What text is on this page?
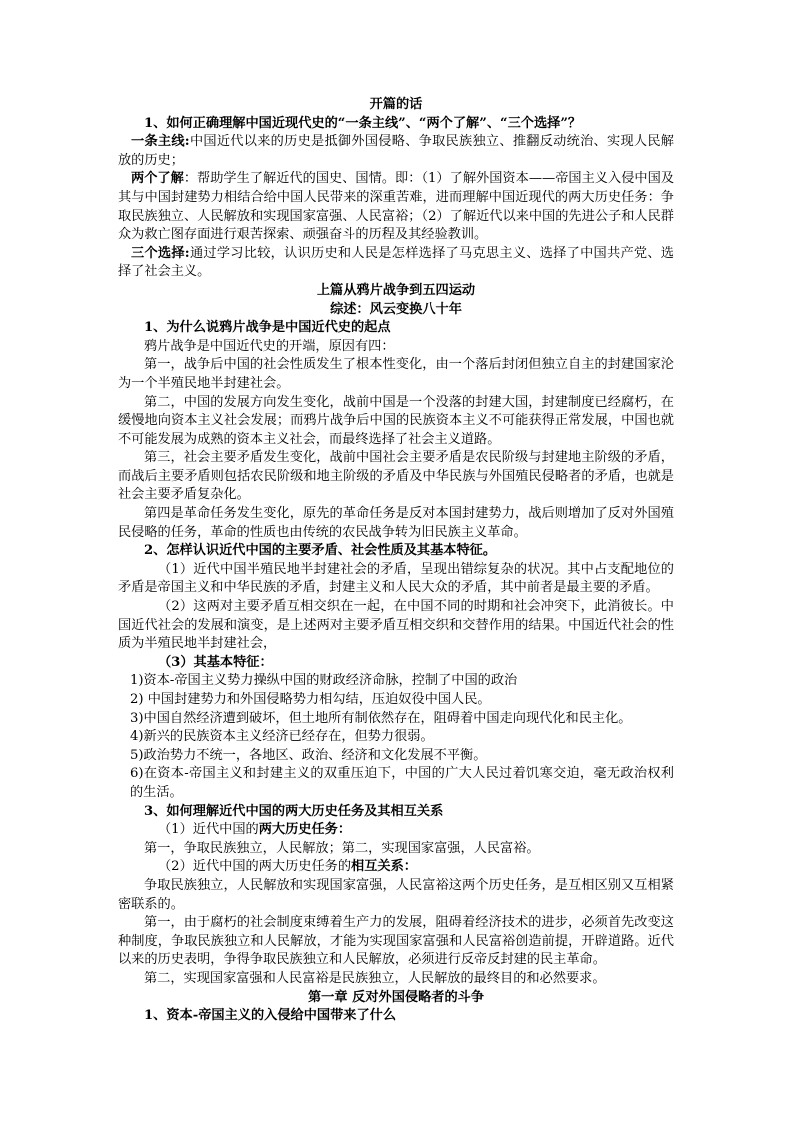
开篇的话

1、如何正确理解中国近现代史的“一条主线”、“两个了解”、“三个选择”？

一条主线:中国近代以来的历史是抵御外国侵略、争取民族独立、推翻反动统治、实现人民解放的历史；

两个了解：帮助学生了解近代的国史、国情。即：（1）了解外国资本——帝国主义入侵中国及其与中国封建势力相结合给中国人民带来的深重苦难，进而理解中国近现代的两大历史任务：争取民族独立、人民解放和实现国家富强、人民富裕；（2）了解近代以来中国的先进公子和人民群众为救亡图存面进行艰苦探索、顽强奋斗的历程及其经验教训。

三个选择:通过学习比较，认识历史和人民是怎样选择了马克思主义、选择了中国共产党、选择了社会主义。

上篇从鸦片战争到五四运动

综述：风云变换八十年

1、为什么说鸦片战争是中国近代史的起点

鸦片战争是中国近代史的开端，原因有四：

第一，战争后中国的社会性质发生了根本性变化，由一个落后封闭但独立自主的封建国家沦为一个半殖民地半封建社会。

第二，中国的发展方向发生变化，战前中国是一个没落的封建大国，封建制度已经腐朽，在缓慢地向资本主义社会发展；而鸦片战争后中国的民族资本主义不可能获得正常发展，中国也就不可能发展为成熟的资本主义社会，而最终选择了社会主义道路。

第三，社会主要矛盾发生变化，战前中国社会主要矛盾是农民阶级与封建地主阶级的矛盾，而战后主要矛盾则包括农民阶级和地主阶级的矛盾及中华民族与外国殖民侵略者的矛盾，也就是社会主要矛盾复杂化。

第四是革命任务发生变化，原先的革命任务是反对本国封建势力，战后则增加了反对外国殖民侵略的任务，革命的性质也由传统的农民战争转为旧民族主义革命。

2、怎样认识近代中国的主要矛盾、社会性质及其基本特征。

（1）近代中国半殖民地半封建社会的矛盾，呈现出错综复杂的状况。其中占支配地位的矛盾是帝国主义和中华民族的矛盾，封建主义和人民大众的矛盾，其中前者是最主要的矛盾。

（2）这两对主要矛盾互相交织在一起，在中国不同的时期和社会冲突下，此消彼长。中国近代社会的发展和演变，是上述两对主要矛盾互相交织和交替作用的结果。中国近代社会的性质为半殖民地半封建社会，

（3）其基本特征：

1)资本-帝国主义势力操纵中国的财政经济命脉，控制了中国的政治

2) 中国封建势力和外国侵略势力相勾结，压迫奴役中国人民。

3)中国自然经济遭到破坏，但土地所有制依然存在，阻碍着中国走向现代化和民主化。

4)新兴的民族资本主义经济已经存在，但势力很弱。

5)政治势力不统一，各地区、政治、经济和文化发展不平衡。

6)在资本-帝国主义和封建主义的双重压迫下，中国的广大人民过着饥寒交迫，毫无政治权利的生活。

3、如何理解近代中国的两大历史任务及其相互关系

（1）近代中国的两大历史任务：

第一，争取民族独立，人民解放；第二，实现国家富强，人民富裕。

（2）近代中国的两大历史任务的相互关系：

争取民族独立，人民解放和实现国家富强，人民富裕这两个历史任务，是互相区别又互相紧密联系的。

第一，由于腐朽的社会制度束缚着生产力的发展，阻碍着经济技术的进步，必须首先改变这种制度，争取民族独立和人民解放，才能为实现国家富强和人民富裕创造前提，开辟道路。近代以来的历史表明，争得争取民族独立和人民解放，必须进行反帝反封建的民主革命。

第二，实现国家富强和人民富裕是民族独立，人民解放的最终目的和必然要求。

第一章 反对外国侵略者的斗争

1、资本-帝国主义的入侵给中国带来了什么
